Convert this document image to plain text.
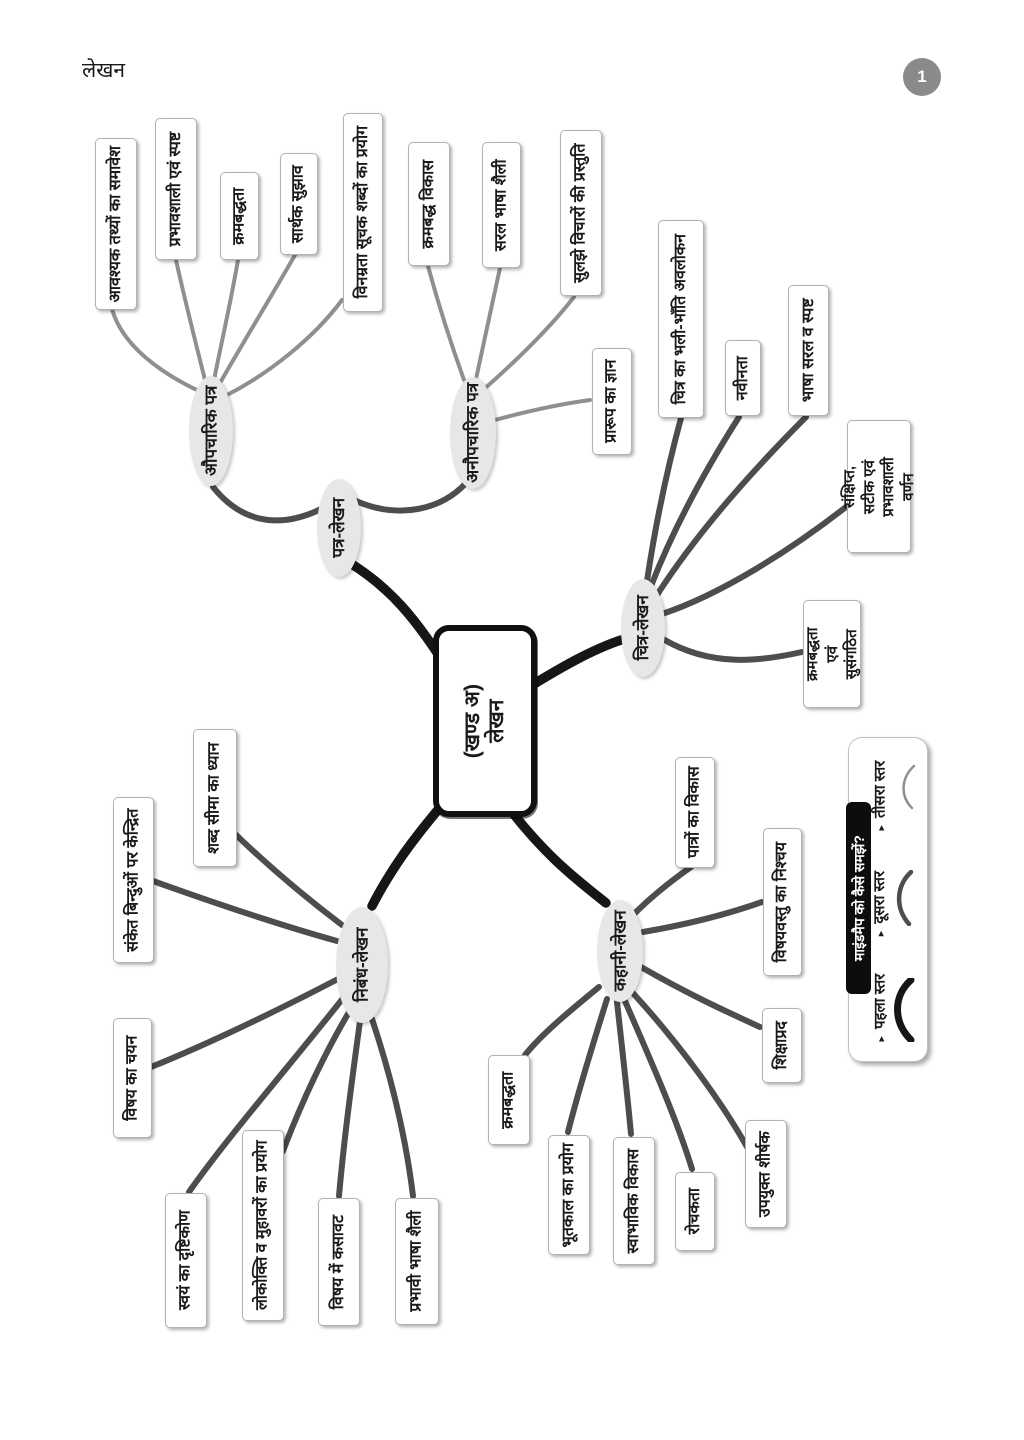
लेखन	1
(खण्ड अ) लेखन
पत्र-लेखन
औपचारिक पत्र	अनौपचारिक पत्र
चित्र-लेखन
निबंध-लेखन	कहानी-लेखन
आवश्यक तथ्यों का समावेश	प्रभावशाली एवं स्पष्ट	क्रमबद्धता	सार्थक सुझाव	विनम्रता सूचक शब्दों का प्रयोग	क्रमबद्ध विकास	सरल भाषा शैली	सुलझे विचारों की प्रस्तुति
प्रारूप का ज्ञान	चित्र का भली-भाँति अवलोकन	नवीनता	भाषा सरल व स्पष्ट
संक्षिप्त, सटीक एवं प्रभावशाली वर्णन
क्रमबद्धता एवं सुसंगठित
शब्द सीमा का ध्यान
संकेत बिन्दुओं पर केन्द्रित
विषय का चयन
स्वयं का दृष्टिकोण	लोकोक्ति व मुहावरों का प्रयोग	विषय में कसावट	प्रभावी भाषा शैली
पात्रों का विकास
विषयवस्तु का निश्चय
शिक्षाप्रद
क्रमबद्धता
भूतकाल का प्रयोग	स्वाभाविक विकास	रोचकता	उपयुक्त शीर्षक
माइंडमैप को कैसे समझें?
▸तीसरा स्तर
▸दूसरा स्तर
▸पहला स्तर
